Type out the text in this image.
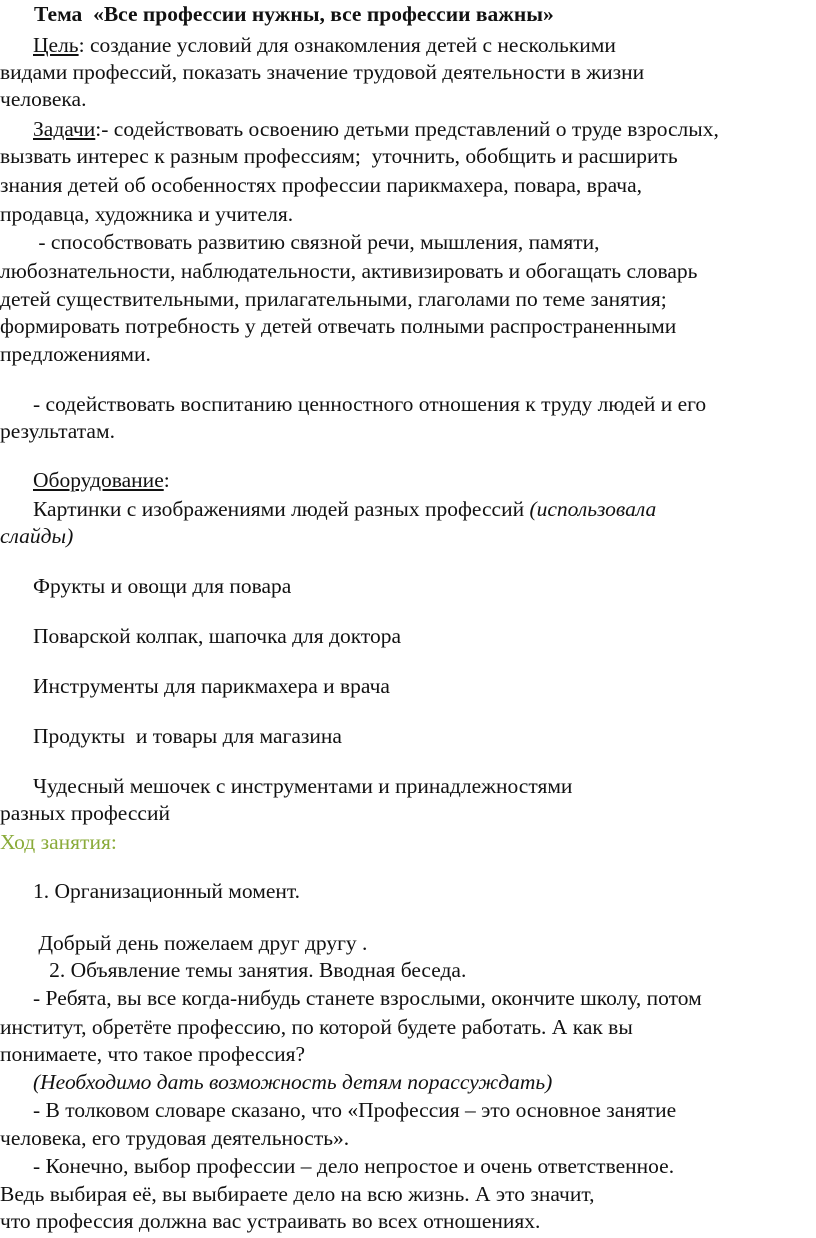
Тема «Все профессии нужны, все профессии важны»
Цель: создание условий для ознакомления детей с несколькими
видами профессий, показать значение трудовой деятельности в жизни
человека.
Задачи:- содействовать освоению детьми представлений о труде взрослых,
вызвать интерес к разным профессиям;  уточнить, обобщить и расширить
знания детей об особенностях профессии парикмахера, повара, врача,
продавца, художника и учителя.
- способствовать развитию связной речи, мышления, памяти,
любознательности, наблюдательности, активизировать и обогащать словарь
детей существительными, прилагательными, глаголами по теме занятия;
формировать потребность у детей отвечать полными распространенными
предложениями.
- содействовать воспитанию ценностного отношения к труду людей и его
результатам.
Оборудование:
Картинки с изображениями людей разных профессий (использовала
слайды)
Фрукты и овощи для повара
Поварской колпак, шапочка для доктора
Инструменты для парикмахера и врача
Продукты  и товары для магазина
Чудесный мешочек с инструментами и принадлежностями
разных профессий
Ход занятия:
1. Организационный момент.
Добрый день пожелаем друг другу .
2. Объявление темы занятия. Вводная беседа.
- Ребята, вы все когда-нибудь станете взрослыми, окончите школу, потом
институт, обретёте профессию, по которой будете работать. А как вы
понимаете, что такое профессия?
(Необходимо дать возможность детям порассуждать)
- В толковом словаре сказано, что «Профессия – это основное занятие
человека, его трудовая деятельность».
- Конечно, выбор профессии – дело непростое и очень ответственное.
Ведь выбирая её, вы выбираете дело на всю жизнь. А это значит,
что профессия должна вас устраивать во всех отношениях.
